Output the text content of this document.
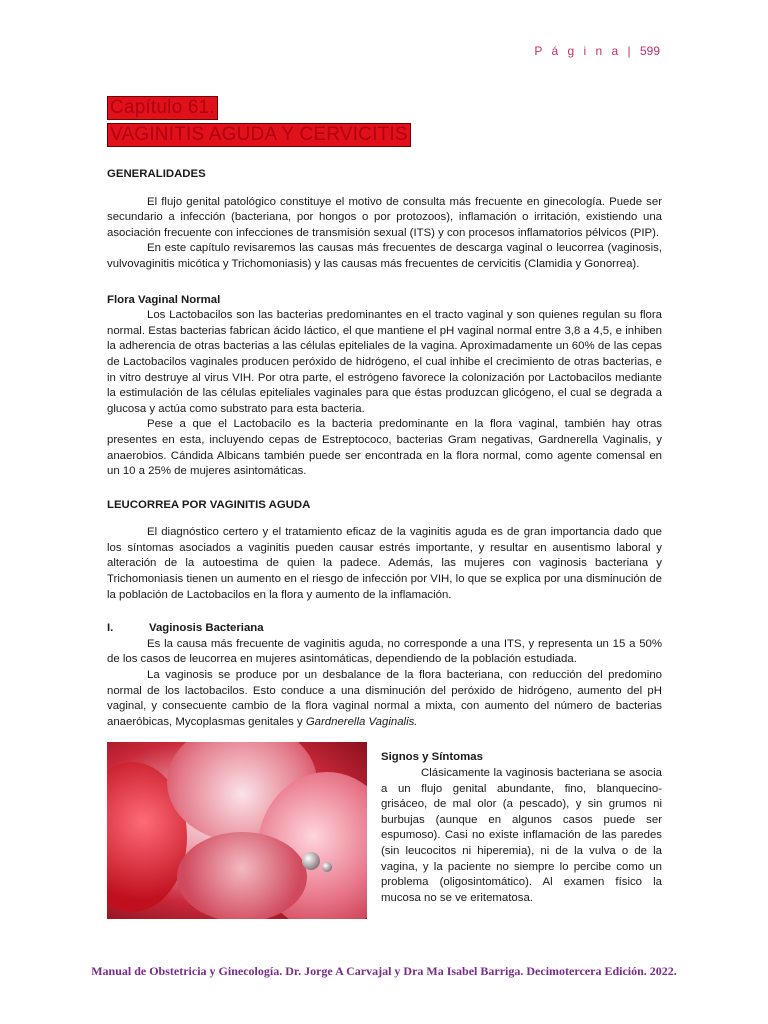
P á g i n a | 599
Capítulo 61.
VAGINITIS AGUDA Y CERVICITIS
GENERALIDADES

El flujo genital patológico constituye el motivo de consulta más frecuente en ginecología. Puede ser secundario a infección (bacteriana, por hongos o por protozoos), inflamación o irritación, existiendo una asociación frecuente con infecciones de transmisión sexual (ITS) y con procesos inflamatorios pélvicos (PIP).

En este capítulo revisaremos las causas más frecuentes de descarga vaginal o leucorrea (vaginosis, vulvovaginitis micótica y Trichomoniasis) y las causas más frecuentes de cervicitis (Clamidia y Gonorrea).

Flora Vaginal Normal

Los Lactobacilos son las bacterias predominantes en el tracto vaginal y son quienes regulan su flora normal. Estas bacterias fabrican ácido láctico, el que mantiene el pH vaginal normal entre 3,8 a 4,5, e inhiben la adherencia de otras bacterias a las células epiteliales de la vagina. Aproximadamente un 60% de las cepas de Lactobacilos vaginales producen peróxido de hidrógeno, el cual inhibe el crecimiento de otras bacterias, e in vitro destruye al virus VIH. Por otra parte, el estrógeno favorece la colonización por Lactobacilos mediante la estimulación de las células epiteliales vaginales para que éstas produzcan glicógeno, el cual se degrada a glucosa y actúa como substrato para esta bacteria.

Pese a que el Lactobacilo es la bacteria predominante en la flora vaginal, también hay otras presentes en esta, incluyendo cepas de Estreptococo, bacterias Gram negativas, Gardnerella Vaginalis, y anaerobios. Cándida Albicans también puede ser encontrada en la flora normal, como agente comensal en un 10 a 25% de mujeres asintomáticas.

LEUCORREA POR VAGINITIS AGUDA

El diagnóstico certero y el tratamiento eficaz de la vaginitis aguda es de gran importancia dado que los síntomas asociados a vaginitis pueden causar estrés importante, y resultar en ausentismo laboral y alteración de la autoestima de quien la padece. Además, las mujeres con vaginosis bacteriana y Trichomoniasis tienen un aumento en el riesgo de infección por VIH, lo que se explica por una disminución de la población de Lactobacilos en la flora y aumento de la inflamación.

I.	Vaginosis Bacteriana

Es la causa más frecuente de vaginitis aguda, no corresponde a una ITS, y representa un 15 a 50% de los casos de leucorrea en mujeres asintomáticas, dependiendo de la población estudiada.

La vaginosis se produce por un desbalance de la flora bacteriana, con reducción del predomino normal de los lactobacilos. Esto conduce a una disminución del peróxido de hidrógeno, aumento del pH vaginal, y consecuente cambio de la flora vaginal normal a mixta, con aumento del número de bacterias anaeróbicas, Mycoplasmas genitales y Gardnerella Vaginalis.

Signos y Síntomas

Clásicamente la vaginosis bacteriana se asocia a un flujo genital abundante, fino, blanquecino-grisáceo, de mal olor (a pescado), y sin grumos ni burbujas (aunque en algunos casos puede ser espumoso). Casi no existe inflamación de las paredes (sin leucocitos ni hiperemia), ni de la vulva o de la vagina, y la paciente no siempre lo percibe como un problema (oligosintomático). Al examen físico la mucosa no se ve eritematosa.

Manual de Obstetricia y Ginecología. Dr. Jorge A Carvajal y Dra Ma Isabel Barriga. Decimotercera Edición. 2022.
